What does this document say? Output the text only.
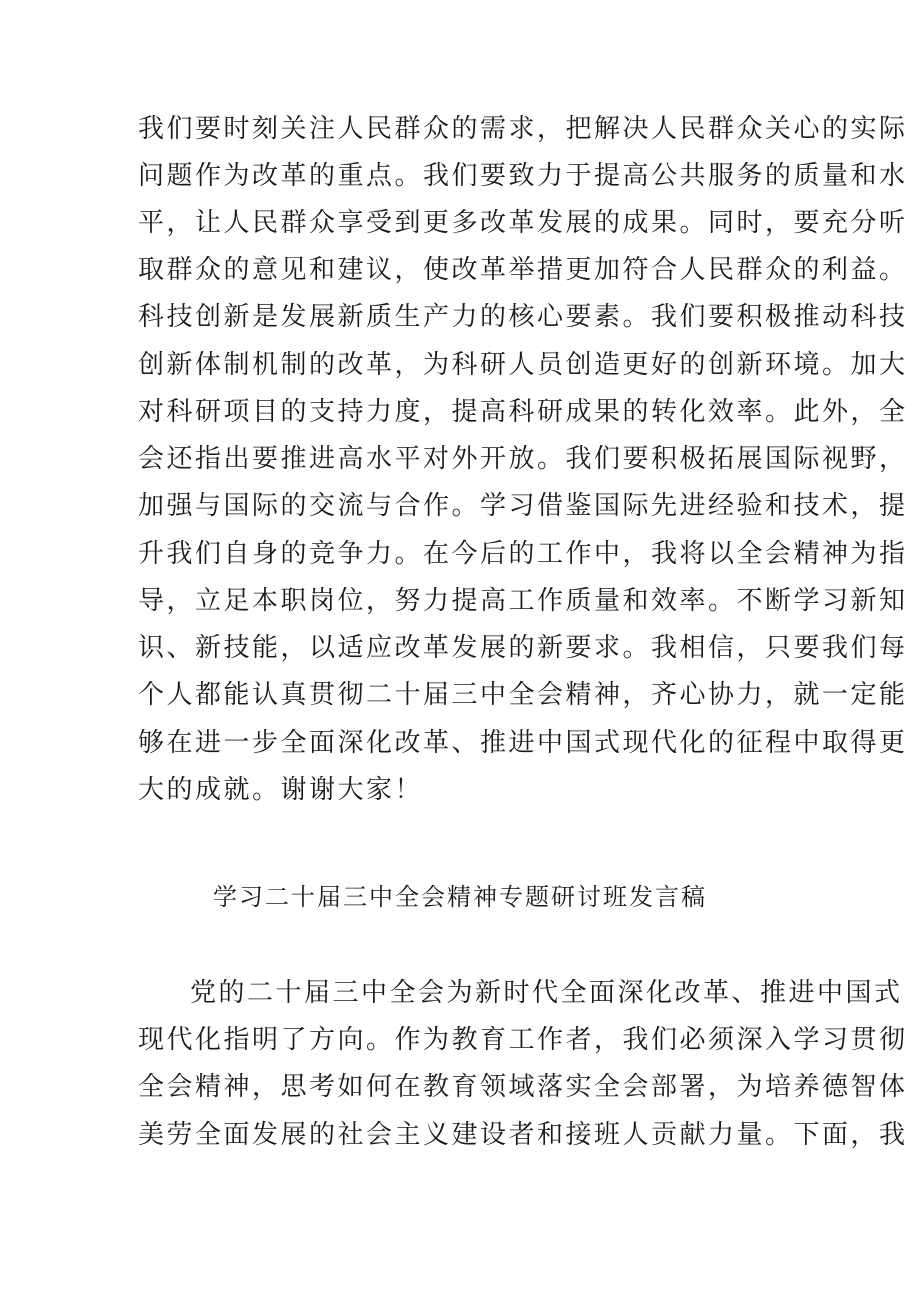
我们要时刻关注人民群众的需求，把解决人民群众关心的实际
问题作为改革的重点。我们要致力于提高公共服务的质量和水
平，让人民群众享受到更多改革发展的成果。同时，要充分听
取群众的意见和建议，使改革举措更加符合人民群众的利益。
科技创新是发展新质生产力的核心要素。我们要积极推动科技
创新体制机制的改革，为科研人员创造更好的创新环境。加大
对科研项目的支持力度，提高科研成果的转化效率。此外，全
会还指出要推进高水平对外开放。我们要积极拓展国际视野，
加强与国际的交流与合作。学习借鉴国际先进经验和技术，提
升我们自身的竞争力。在今后的工作中，我将以全会精神为指
导，立足本职岗位，努力提高工作质量和效率。不断学习新知
识、新技能，以适应改革发展的新要求。我相信，只要我们每
个人都能认真贯彻二十届三中全会精神，齐心协力，就一定能
够在进一步全面深化改革、推进中国式现代化的征程中取得更
大的成就。谢谢大家！
学习二十届三中全会精神专题研讨班发言稿
党的二十届三中全会为新时代全面深化改革、推进中国式
现代化指明了方向。作为教育工作者，我们必须深入学习贯彻
全会精神，思考如何在教育领域落实全会部署，为培养德智体
美劳全面发展的社会主义建设者和接班人贡献力量。下面，我
